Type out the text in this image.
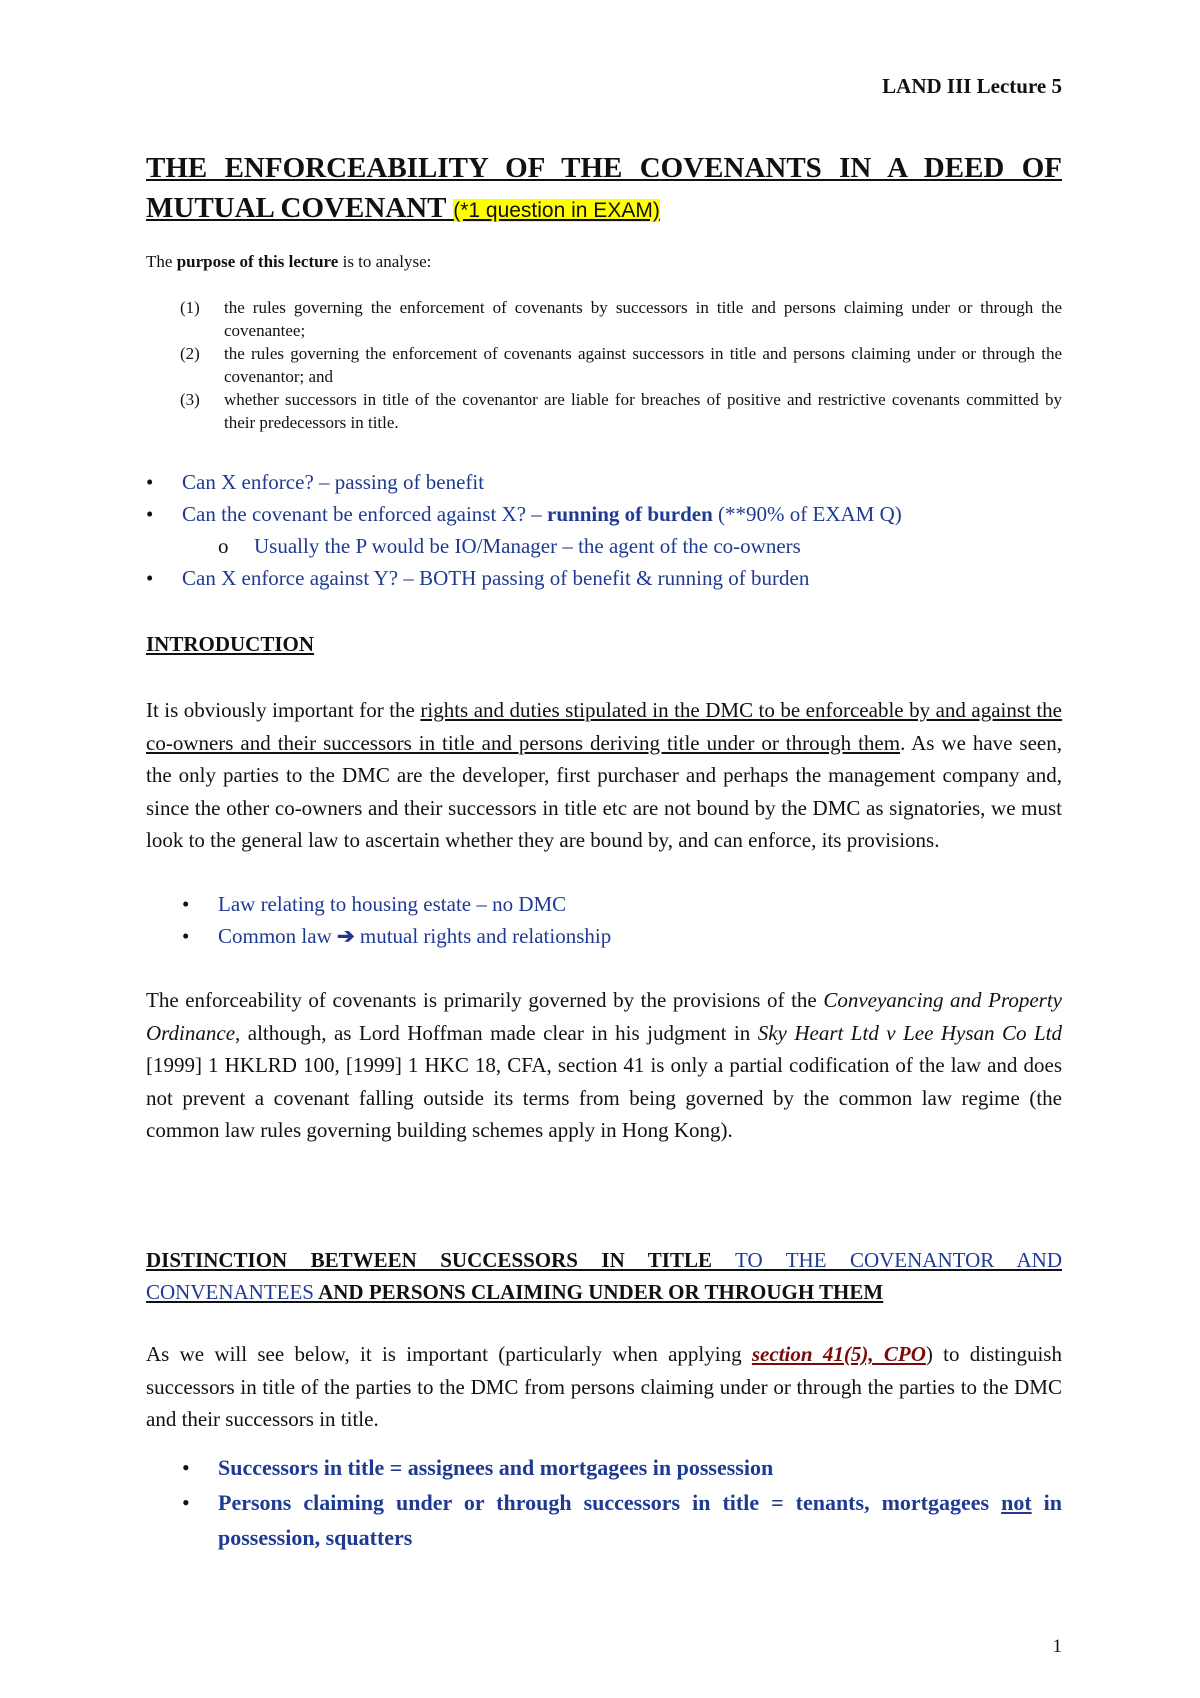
LAND III Lecture 5
THE ENFORCEABILITY OF THE COVENANTS IN A DEED OF MUTUAL COVENANT (*1 question in EXAM)
The purpose of this lecture is to analyse:
(1)	the rules governing the enforcement of covenants by successors in title and persons claiming under or through the covenantee;
(2)	the rules governing the enforcement of covenants against successors in title and persons claiming under or through the covenantor; and
(3)	whether successors in title of the covenantor are liable for breaches of positive and restrictive covenants committed by their predecessors in title.
•	Can X enforce? – passing of benefit
•	Can the covenant be enforced against X? – running of burden (**90% of EXAM Q)
o	Usually the P would be IO/Manager – the agent of the co-owners
•	Can X enforce against Y? – BOTH passing of benefit & running of burden
INTRODUCTION
It is obviously important for the rights and duties stipulated in the DMC to be enforceable by and against the co-owners and their successors in title and persons deriving title under or through them. As we have seen, the only parties to the DMC are the developer, first purchaser and perhaps the management company and, since the other co-owners and their successors in title etc are not bound by the DMC as signatories, we must look to the general law to ascertain whether they are bound by, and can enforce, its provisions.
•	Law relating to housing estate – no DMC
•	Common law ➔ mutual rights and relationship
The enforceability of covenants is primarily governed by the provisions of the Conveyancing and Property Ordinance, although, as Lord Hoffman made clear in his judgment in Sky Heart Ltd v Lee Hysan Co Ltd [1999] 1 HKLRD 100, [1999] 1 HKC 18, CFA, section 41 is only a partial codification of the law and does not prevent a covenant falling outside its terms from being governed by the common law regime (the common law rules governing building schemes apply in Hong Kong).
DISTINCTION BETWEEN SUCCESSORS IN TITLE TO THE COVENANTOR AND CONVENANTEES AND PERSONS CLAIMING UNDER OR THROUGH THEM
As we will see below, it is important (particularly when applying section 41(5), CPO) to distinguish successors in title of the parties to the DMC from persons claiming under or through the parties to the DMC and their successors in title.
•	Successors in title = assignees and mortgagees in possession
•	Persons claiming under or through successors in title = tenants, mortgagees not in possession, squatters
1
